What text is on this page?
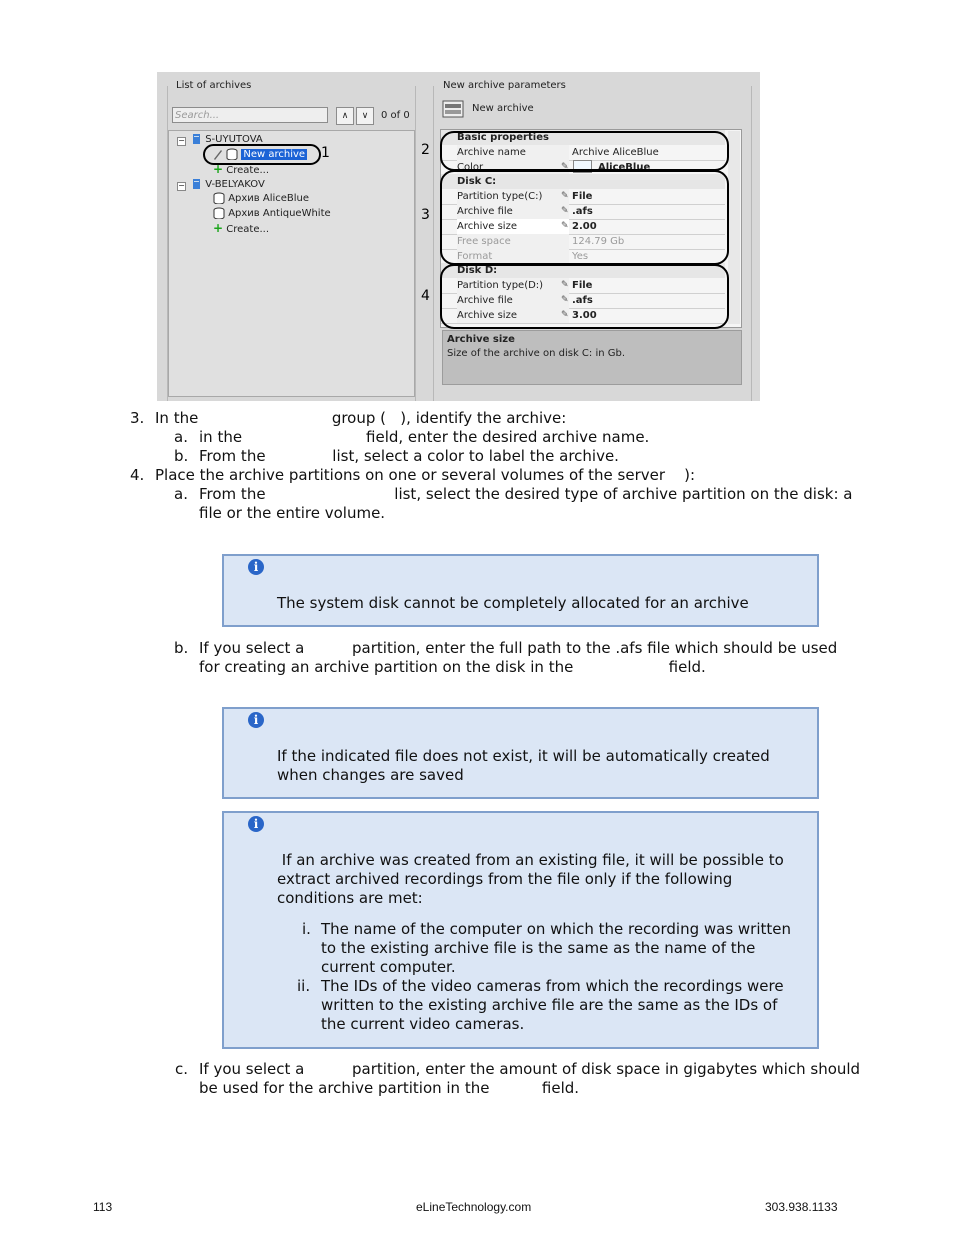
List of archives
Search...	∧	∨	0 of 0
−	S-UYUTOVA
New archive
+ Create...
−	V-BELYAKOV
Архив AliceBlue
Архив AntiqueWhite
+ Create...
1
New archive parameters
New archive
Basic properties
Archive name	Archive AliceBlue
Color	✎	AliceBlue
Disk C:
Partition type(C:)	✎ File
Archive file	✎ .afs
Archive size	✎ 2.00
Free space	124.79 Gb
Format	Yes
Disk D:
Partition type(D:)	✎ File
Archive file	✎ .afs
Archive size	✎ 3.00
2
3
4
Archive size
Size of the archive on disk C: in Gb.
3. In the                            group (   ), identify the archive:
a. in the                          field, enter the desired archive name.
b. From the              list, select a color to label the archive.
4. Place the archive partitions on one or several volumes of the server    ):
a. From the                           list, select the desired type of archive partition on the disk: a
file or the entire volume.
i
The system disk cannot be completely allocated for an archive
b. If you select a          partition, enter the full path to the .afs file which should be used
for creating an archive partition on the disk in the                    field.
i
If the indicated file does not exist, it will be automatically created
when changes are saved
i
If an archive was created from an existing file, it will be possible to
extract archived recordings from the file only if the following
conditions are met:
i. The name of the computer on which the recording was written
to the existing archive file is the same as the name of the
current computer.
ii. The IDs of the video cameras from which the recordings were
written to the existing archive file are the same as the IDs of
the current video cameras.
c. If you select a          partition, enter the amount of disk space in gigabytes which should
be used for the archive partition in the           field.
113	eLineTechnology.com	303.938.1133
